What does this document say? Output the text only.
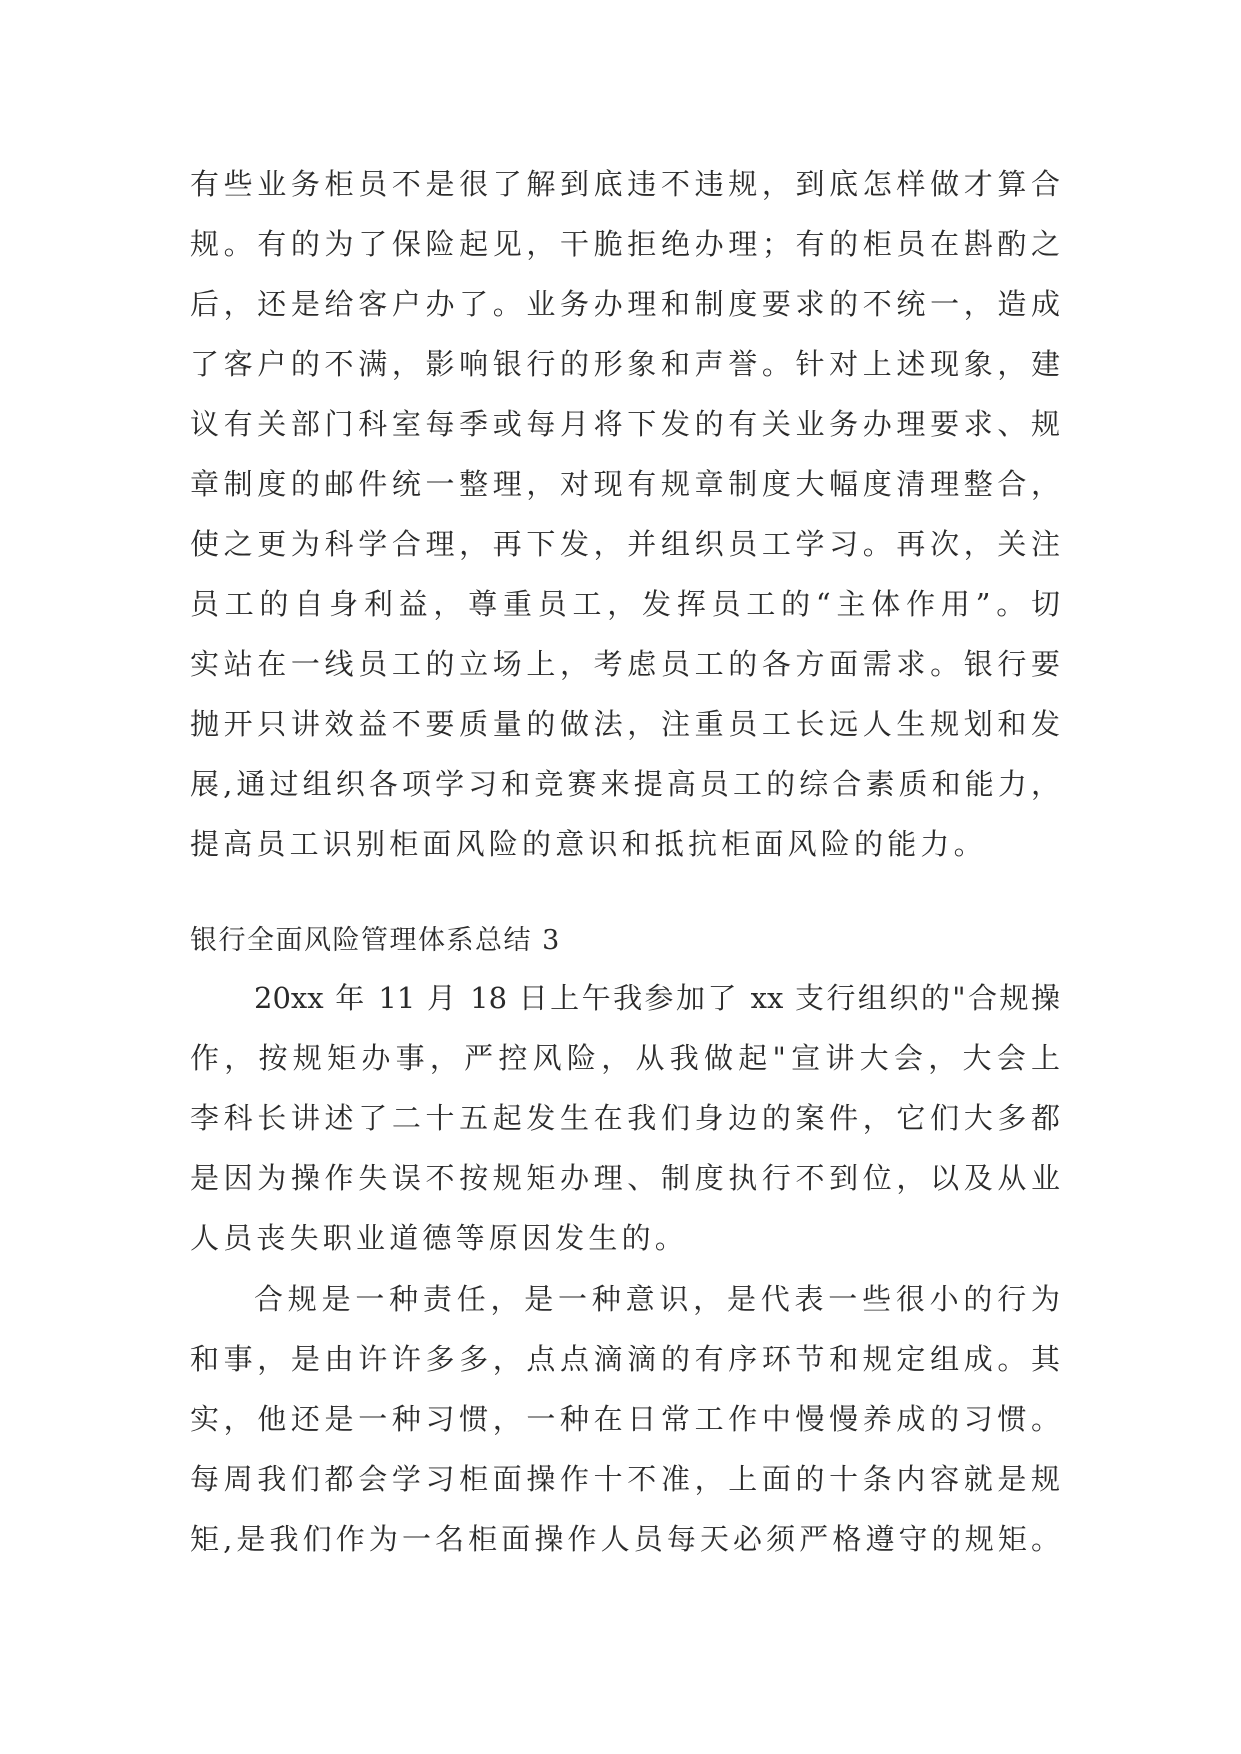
有些业务柜员不是很了解到底违不违规，到底怎样做才算合
规。有的为了保险起见，干脆拒绝办理；有的柜员在斟酌之
后，还是给客户办了。业务办理和制度要求的不统一，造成
了客户的不满，影响银行的形象和声誉。针对上述现象，建
议有关部门科室每季或每月将下发的有关业务办理要求、规
章制度的邮件统一整理，对现有规章制度大幅度清理整合，
使之更为科学合理，再下发，并组织员工学习。再次，关注
员工的自身利益，尊重员工，发挥员工的“主体作用”。切
实站在一线员工的立场上，考虑员工的各方面需求。银行要
抛开只讲效益不要质量的做法，注重员工长远人生规划和发
展,通过组织各项学习和竞赛来提高员工的综合素质和能力，
提高员工识别柜面风险的意识和抵抗柜面风险的能力。
银行全面风险管理体系总结 3
20xx 年 11 月 18 日上午我参加了 xx 支行组织的"合规操
作，按规矩办事，严控风险，从我做起"宣讲大会，大会上
李科长讲述了二十五起发生在我们身边的案件，它们大多都
是因为操作失误不按规矩办理、制度执行不到位，以及从业
人员丧失职业道德等原因发生的。
合规是一种责任，是一种意识，是代表一些很小的行为
和事，是由许许多多，点点滴滴的有序环节和规定组成。其
实，他还是一种习惯，一种在日常工作中慢慢养成的习惯。
每周我们都会学习柜面操作十不准，上面的十条内容就是规
矩,是我们作为一名柜面操作人员每天必须严格遵守的规矩。
